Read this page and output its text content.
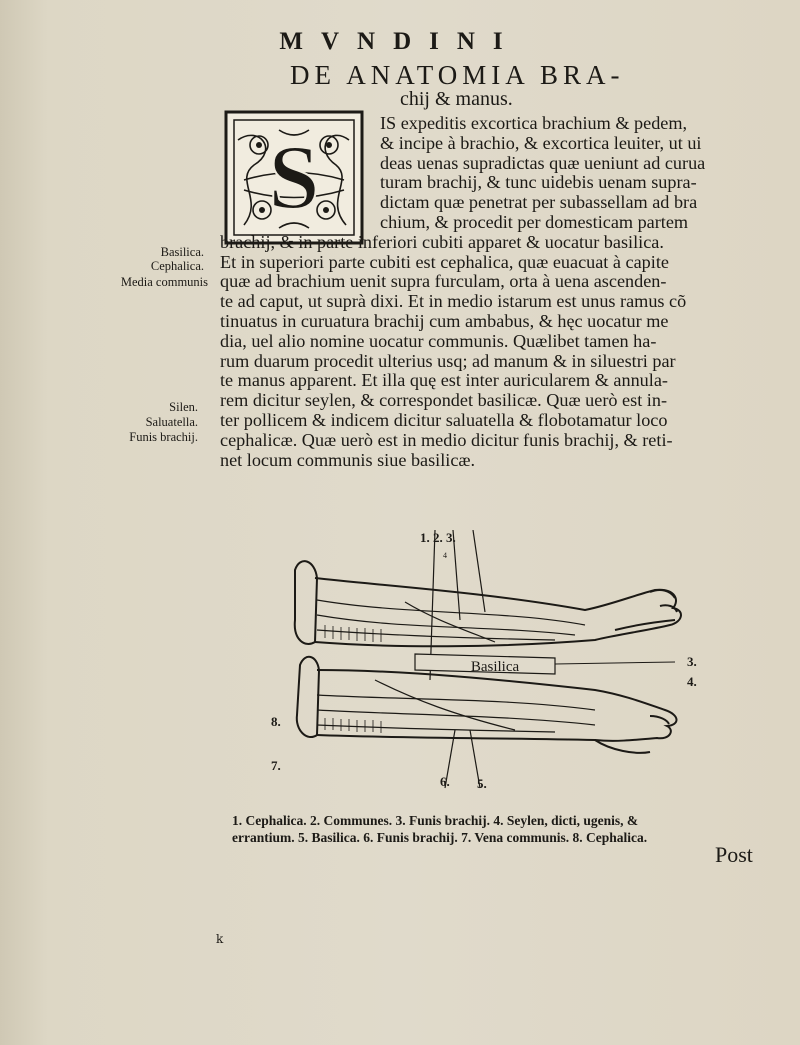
MVNDINI
DE ANATOMIA BRA-
chij & manus.
S
IS expeditis excortica brachium & pedem,
& incipe à brachio, & excortica leuiter, ut ui
deas uenas supradictas quæ ueniunt ad curua
turam brachij, & tunc uidebis uenam supra-
dictam quæ penetrat per subassellam ad bra
chium, & procedit per domesticam partem
brachij, & in parte inferiori cubiti apparet & uocatur basilica.
Et in superiori parte cubiti est cephalica, quæ euacuat à capite
quæ ad brachium uenit supra furculam, orta à uena ascenden-
te ad caput, ut suprà dixi. Et in medio istarum est unus ramus cõ
tinuatus in curuatura brachij cum ambabus, & hęc uocatur me
dia, uel alio nomine uocatur communis. Quælibet tamen ha-
rum duarum procedit ulterius usq; ad manum & in siluestri par
te manus apparent. Et illa quę est inter auricularem & annula-
rem dicitur seylen, & correspondet basilicæ. Quæ uerò est in-
ter pollicem & indicem dicitur saluatella & flobotamatur loco
cephalicæ. Quæ uerò est in medio dicitur funis brachij, & reti-
net locum communis siue basilicæ.
Basilica.
Cephalica.
Media communis
Silen.
Saluatella.
Funis brachij.
Basilica
1. 2. 3.
4
3.
4.
6. 5.
7.
8.
1. Cephalica. 2. Communes. 3. Funis brachij. 4. Seylen, dicti, ugenis, &
errantium. 5. Basilica. 6. Funis brachij. 7. Vena communis. 8. Cephalica.
Post
k
